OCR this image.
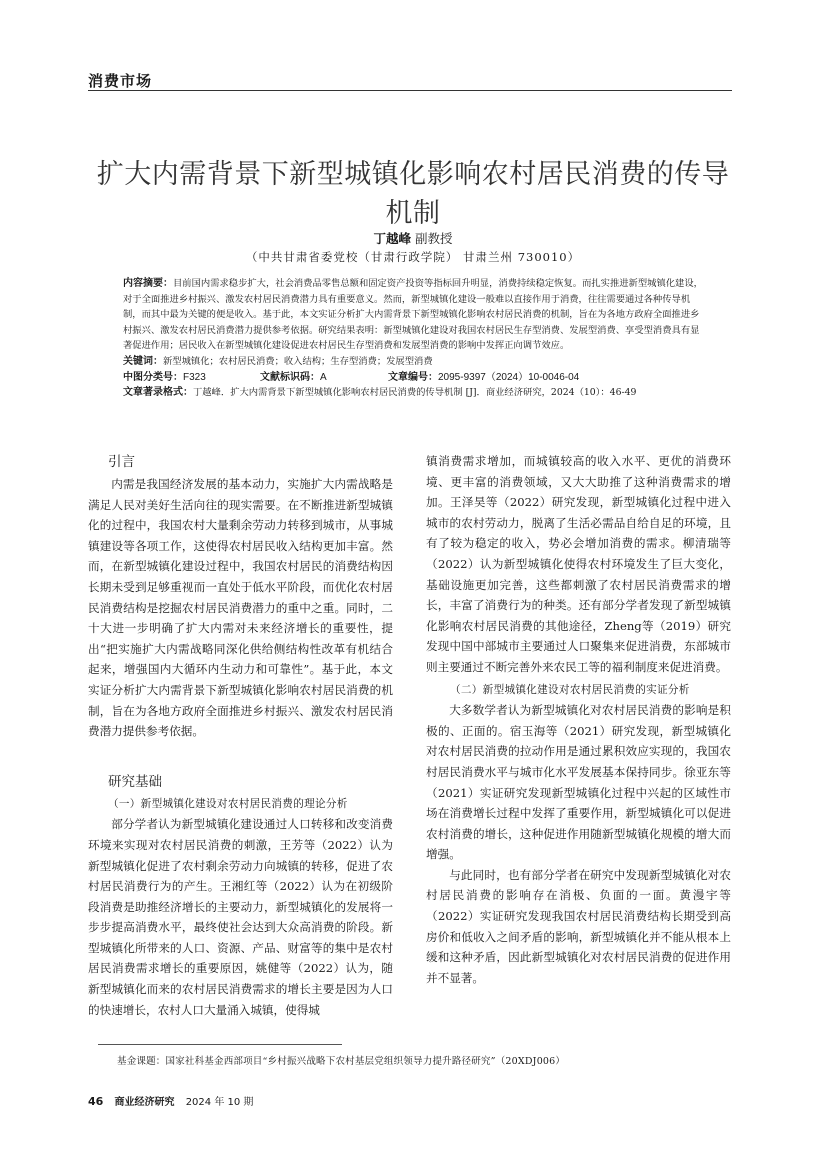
消费市场
扩大内需背景下新型城镇化影响农村居民消费的传导机制
丁越峰 副教授
（中共甘肃省委党校（甘肃行政学院） 甘肃兰州 730010）
内容摘要：目前国内需求稳步扩大，社会消费品零售总额和固定资产投资等指标回升明显，消费持续稳定恢复。而扎实推进新型城镇化建设，对于全面推进乡村振兴、激发农村居民消费潜力具有重要意义。然而，新型城镇化建设一般难以直接作用于消费，往往需要通过各种传导机制，而其中最为关键的便是收入。基于此，本文实证分析扩大内需背景下新型城镇化影响农村居民消费的机制，旨在为各地方政府全面推进乡村振兴、激发农村居民消费潜力提供参考依据。研究结果表明：新型城镇化建设对我国农村居民生存型消费、发展型消费、享受型消费具有显著促进作用；居民收入在新型城镇化建设促进农村居民生存型消费和发展型消费的影响中发挥正向调节效应。
关键词：新型城镇化；农村居民消费；收入结构；生存型消费；发展型消费
中图分类号：F323	文献标识码：A	文章编号：2095-9397（2024）10-0046-04
文章著录格式：丁越峰．扩大内需背景下新型城镇化影响农村居民消费的传导机制 [J]．商业经济研究，2024（10）：46-49
引言

内需是我国经济发展的基本动力，实施扩大内需战略是满足人民对美好生活向往的现实需要。在不断推进新型城镇化的过程中，我国农村大量剩余劳动力转移到城市，从事城镇建设等各项工作，这使得农村居民收入结构更加丰富。然而，在新型城镇化建设过程中，我国农村居民的消费结构因长期未受到足够重视而一直处于低水平阶段，而优化农村居民消费结构是挖掘农村居民消费潜力的重中之重。同时，二十大进一步明确了扩大内需对未来经济增长的重要性，提出“把实施扩大内需战略同深化供给侧结构性改革有机结合起来，增强国内大循环内生动力和可靠性”。基于此，本文实证分析扩大内需背景下新型城镇化影响农村居民消费的机制，旨在为各地方政府全面推进乡村振兴、激发农村居民消费潜力提供参考依据。

研究基础
（一）新型城镇化建设对农村居民消费的理论分析

部分学者认为新型城镇化建设通过人口转移和改变消费环境来实现对农村居民消费的刺激，王芳等（2022）认为新型城镇化促进了农村剩余劳动力向城镇的转移，促进了农村居民消费行为的产生。王湘红等（2022）认为在初级阶段消费是助推经济增长的主要动力，新型城镇化的发展将一步步提高消费水平，最终使社会达到大众高消费的阶段。新型城镇化所带来的人口、资源、产品、财富等的集中是农村居民消费需求增长的重要原因，姚健等（2022）认为，随新型城镇化而来的农村居民消费需求的增长主要是因为人口的快速增长，农村人口大量涌入城镇，使得城

镇消费需求增加，而城镇较高的收入水平、更优的消费环境、更丰富的消费领域，又大大助推了这种消费需求的增加。王泽昊等（2022）研究发现，新型城镇化过程中进入城市的农村劳动力，脱离了生活必需品自给自足的环境，且有了较为稳定的收入，势必会增加消费的需求。柳清瑞等（2022）认为新型城镇化使得农村环境发生了巨大变化，基础设施更加完善，这些都刺激了农村居民消费需求的增长，丰富了消费行为的种类。还有部分学者发现了新型城镇化影响农村居民消费的其他途径，Zheng等（2019）研究发现中国中部城市主要通过人口聚集来促进消费，东部城市则主要通过不断完善外来农民工等的福利制度来促进消费。

（二）新型城镇化建设对农村居民消费的实证分析

大多数学者认为新型城镇化对农村居民消费的影响是积极的、正面的。宿玉海等（2021）研究发现，新型城镇化对农村居民消费的拉动作用是通过累积效应实现的，我国农村居民消费水平与城市化水平发展基本保持同步。徐亚东等（2021）实证研究发现新型城镇化过程中兴起的区域性市场在消费增长过程中发挥了重要作用，新型城镇化可以促进农村消费的增长，这种促进作用随新型城镇化规模的增大而增强。

与此同时，也有部分学者在研究中发现新型城镇化对农村居民消费的影响存在消极、负面的一面。黄漫宇等（2022）实证研究发现我国农村居民消费结构长期受到高房价和低收入之间矛盾的影响，新型城镇化并不能从根本上缓和这种矛盾，因此新型城镇化对农村居民消费的促进作用并不显著。

基金课题：国家社科基金西部项目“乡村振兴战略下农村基层党组织领导力提升路径研究”（20XDJ006）
46 商业经济研究 2024 年 10 期
